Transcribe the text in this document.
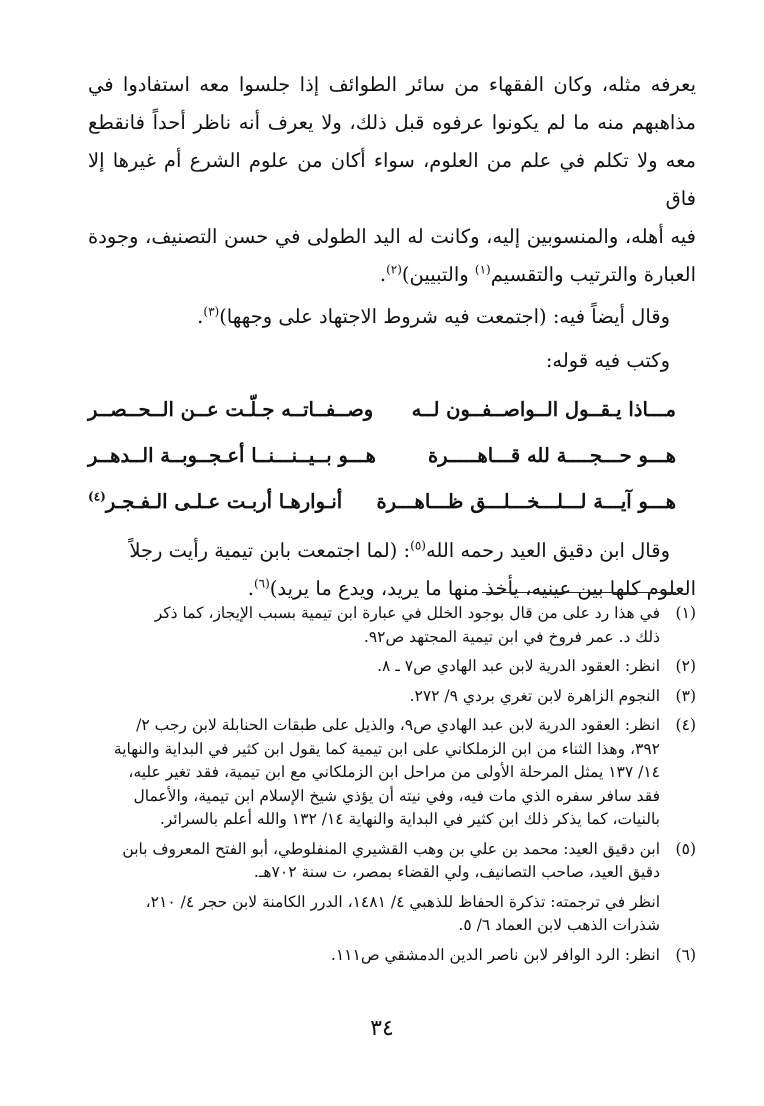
يعرفه مثله، وكان الفقهاء من سائر الطوائف إذا جلسوا معه استفادوا في

مذاهبهم منه ما لم يكونوا عرفوه قبل ذلك، ولا يعرف أنه ناظر أحداً فانقطع

معه ولا تكلم في علم من العلوم، سواء أكان من علوم الشرع أم غيرها إلا فاق

فيه أهله، والمنسوبين إليه، وكانت له اليد الطولى في حسن التصنيف، وجودة

العبارة والترتيب والتقسيم$^{(١)}$ والتبيين)$^{(٢)}$.

وقال أيضاً فيه: (اجتمعت فيه شروط الاجتهاد على وجهها)$^{(٣)}$.

وكتب فيه قوله:

مـــاذا يـقــول الــواصــفــون لــه
وصــفــاتــه جـلّـت عــن الــحــصــر
هـــو حـــجــــة لله قـــاهـــــرة
هـــو بــيــنـــنــا أعـجــوبــة الــدهــر
هـــو آيـــة لـــلـــخـــلـــق ظـــاهـــرة
أنـوارهـا أربـت عـلـى الـفـجـر$^{(٤)}$

وقال ابن دقيق العيد رحمه الله$^{(٥)}$: (لما اجتمعت بابن تيمية رأيت رجلاً

العلوم كلها بين عينيه، يأخذ منها ما يريد، ويدع ما يريد)$^{(٦)}$.

(١)
في هذا رد على من قال بوجود الخلل في عبارة ابن تيمية بسبب الإيجاز، كما ذكر
ذلك د. عمر فروخ في ابن تيمية المجتهد ص٩٢.
(٢)
انظر: العقود الدرية لابن عبد الهادي ص٧ ـ ٨.
(٣)
النجوم الزاهرة لابن تغري بردي ٩/ ٢٧٢.
(٤)
انظر: العقود الدرية لابن عبد الهادي ص٩، والذيل على طبقات الحنابلة لابن رجب ٢/
٣٩٢، وهذا الثناء من ابن الزملكاني على ابن تيمية كما يقول ابن كثير في البداية والنهاية
١٤/ ١٣٧ يمثل المرحلة الأولى من مراحل ابن الزملكاني مع ابن تيمية، فقد تغير عليه،
فقد سافر سفره الذي مات فيه، وفي نيته أن يؤذي شيخ الإسلام ابن تيمية، والأعمال
بالنيات، كما يذكر ذلك ابن كثير في البداية والنهاية ١٤/ ١٣٢ والله أعلم بالسرائر.
(٥)
ابن دقيق العيد: محمد بن علي بن وهب القشيري المنفلوطي، أبو الفتح المعروف بابن
دقيق العيد، صاحب التصانيف، ولي القضاء بمصر، ت سنة ٧٠٢هـ.
انظر في ترجمته: تذكرة الحفاظ للذهبي ٤/ ١٤٨١، الدرر الكامنة لابن حجر ٤/ ٢١٠،
شذرات الذهب لابن العماد ٦/ ٥.
(٦)
انظر: الرد الوافر لابن ناصر الدين الدمشقي ص١١١.
٣٤
